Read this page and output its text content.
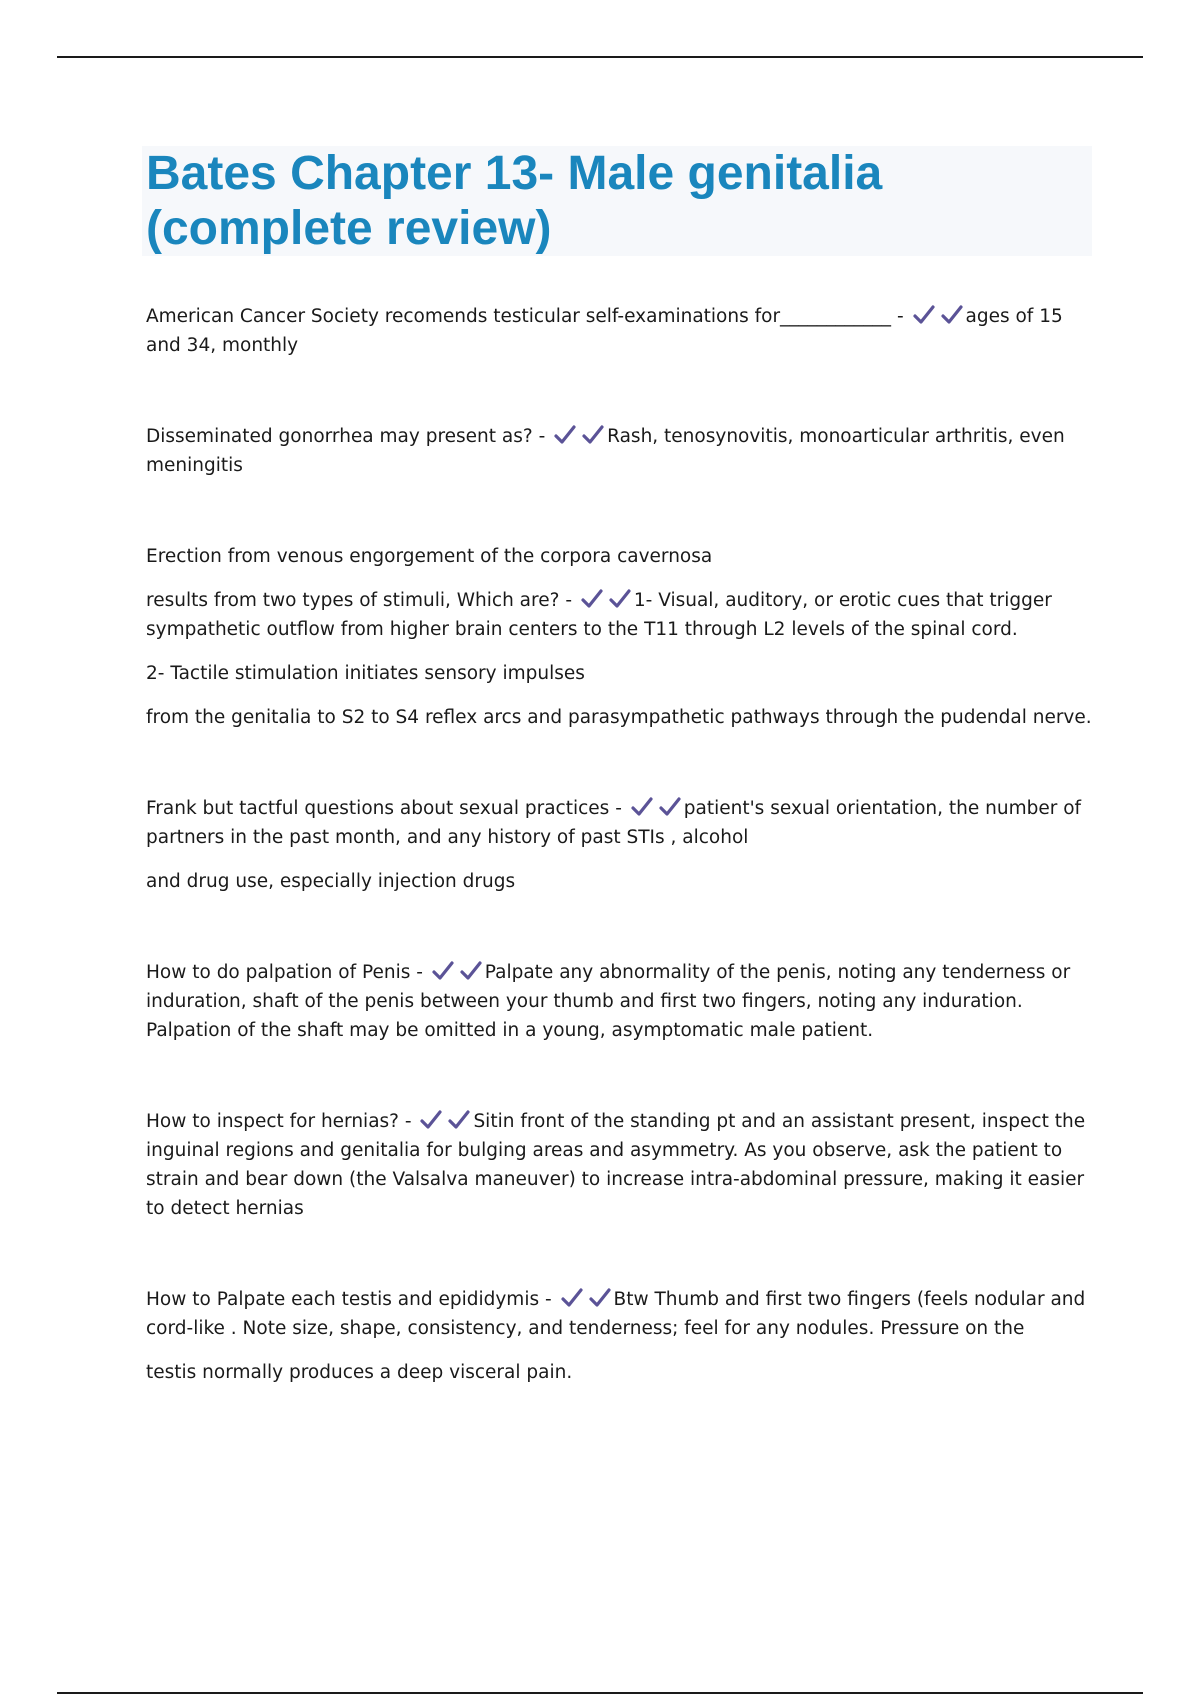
Bates Chapter 13- Male genitalia (complete review)

American Cancer Society recomends testicular self-examinations for____________ -	ages of 15 and 34, monthly

Disseminated gonorrhea may present as? -	Rash, tenosynovitis, monoarticular arthritis, even meningitis

Erection from venous engorgement of the corpora cavernosa

results from two types of stimuli, Which are? -	1- Visual, auditory, or erotic cues that trigger sympathetic outflow from higher brain centers to the T11 through L2 levels of the spinal cord.

2- Tactile stimulation initiates sensory impulses

from the genitalia to S2 to S4 reflex arcs and parasympathetic pathways through the pudendal nerve.

Frank but tactful questions about sexual practices -	patient's sexual orientation, the number of partners in the past month, and any history of past STIs , alcohol

and drug use, especially injection drugs

How to do palpation of Penis -	Palpate any abnormality of the penis, noting any tenderness or induration, shaft of the penis between your thumb and first two fingers, noting any induration. Palpation of the shaft may be omitted in a young, asymptomatic male patient.

How to inspect for hernias? -	Sitin front of the standing pt and an assistant present, inspect the inguinal regions and genitalia for bulging areas and asymmetry. As you observe, ask the patient to strain and bear down (the Valsalva maneuver) to increase intra-abdominal pressure, making it easier to detect hernias

How to Palpate each testis and epididymis -	Btw Thumb and first two fingers (feels nodular and cord-like . Note size, shape, consistency, and tenderness; feel for any nodules. Pressure on the

testis normally produces a deep visceral pain.
